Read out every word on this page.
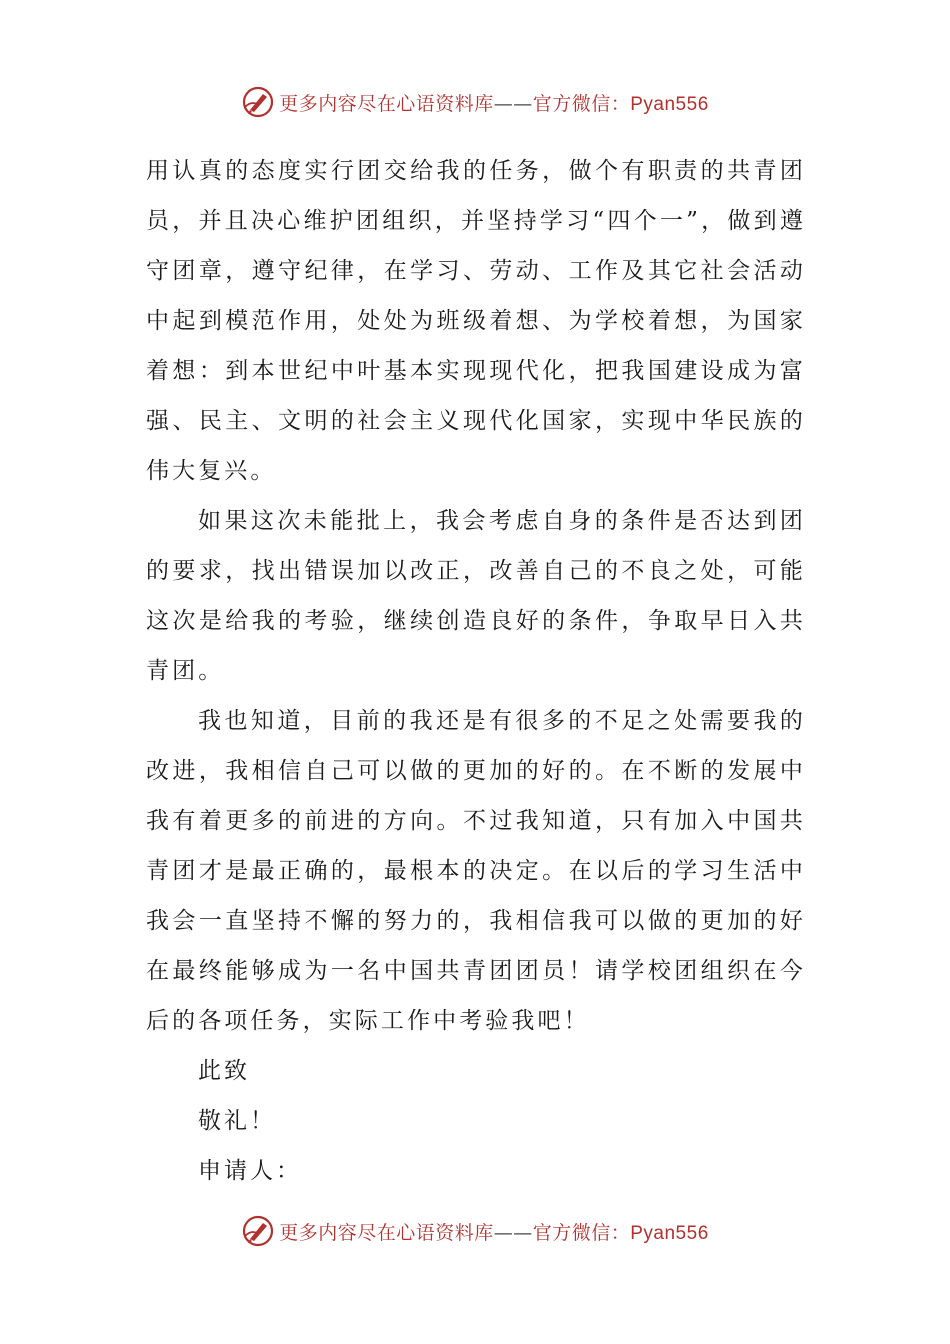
更多内容尽在心语资料库——官方微信：Pyan556

用认真的态度实行团交给我的任务，做个有职责的共青团员，并且决心维护团组织，并坚持学习“四个一”，做到遵守团章，遵守纪律，在学习、劳动、工作及其它社会活动中起到模范作用，处处为班级着想、为学校着想，为国家着想：到本世纪中叶基本实现现代化，把我国建设成为富强、民主、文明的社会主义现代化国家，实现中华民族的伟大复兴。

如果这次未能批上，我会考虑自身的条件是否达到团的要求，找出错误加以改正，改善自己的不良之处，可能这次是给我的考验，继续创造良好的条件，争取早日入共青团。

我也知道，目前的我还是有很多的不足之处需要我的改进，我相信自己可以做的更加的好的。在不断的发展中我有着更多的前进的方向。不过我知道，只有加入中国共青团才是最正确的，最根本的决定。在以后的学习生活中我会一直坚持不懈的努力的，我相信我可以做的更加的好在最终能够成为一名中国共青团团员！请学校团组织在今后的各项任务，实际工作中考验我吧！

此致

敬礼！

申请人：

更多内容尽在心语资料库——官方微信：Pyan556
